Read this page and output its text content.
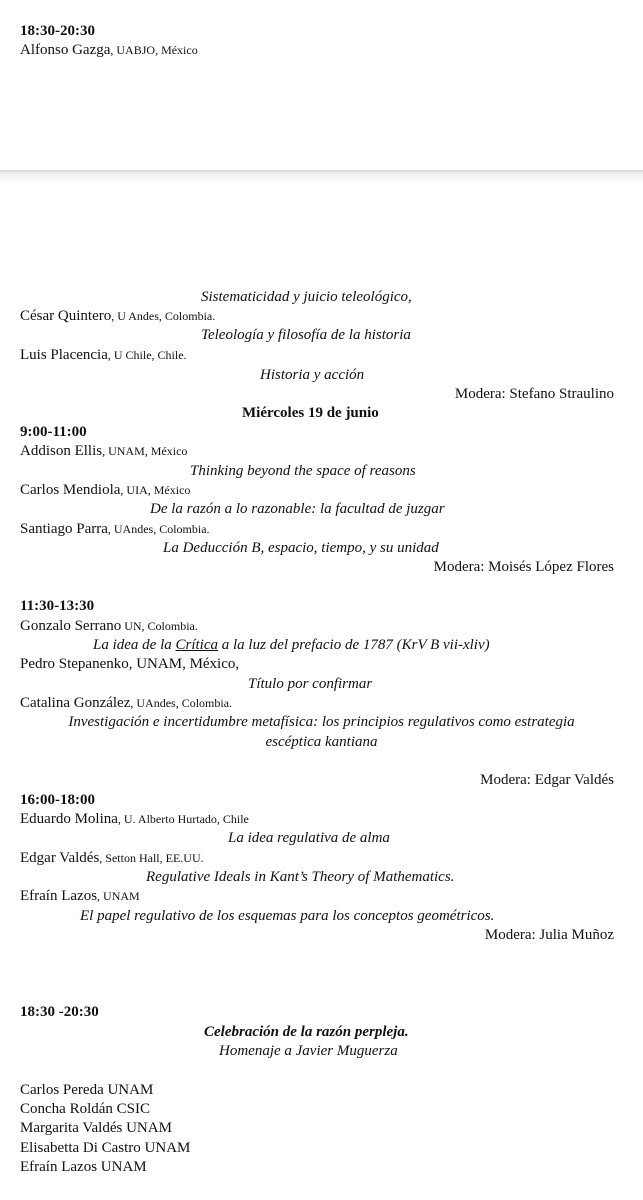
18:30-20:30
Alfonso Gazga, UABJO, México
Sistematicidad y juicio teleológico,
César Quintero, U Andes, Colombia.
Teleología y filosofía de la historia
Luis Placencia, U Chile, Chile.
Historia y acción
Modera: Stefano Straulino
Miércoles 19 de junio
9:00-11:00
Addison Ellis, UNAM, México
Thinking beyond the space of reasons
Carlos Mendiola, UIA, México
De la razón a lo razonable: la facultad de juzgar
Santiago Parra, UAndes, Colombia.
La Deducción B, espacio, tiempo, y su unidad
Modera: Moisés López Flores
11:30-13:30
Gonzalo Serrano UN, Colombia.
La idea de la Crítica a la luz del prefacio de 1787 (KrV B vii-xliv)
Pedro Stepanenko, UNAM, México,
Título por confirmar
Catalina González, UAndes, Colombia.
Investigación e incertidumbre metafísica: los principios regulativos como estrategia
escéptica kantiana
Modera: Edgar Valdés
16:00-18:00
Eduardo Molina, U. Alberto Hurtado, Chile
La idea regulativa de alma
Edgar Valdés, Setton Hall, EE.UU.
Regulative Ideals in Kant’s Theory of Mathematics.
Efraín Lazos, UNAM
El papel regulativo de los esquemas para los conceptos geométricos.
Modera: Julia Muñoz
18:30 -20:30
Celebración de la razón perpleja.
Homenaje a Javier Muguerza
Carlos Pereda UNAM
Concha Roldán CSIC
Margarita Valdés UNAM
Elisabetta Di Castro UNAM
Efraín Lazos UNAM
